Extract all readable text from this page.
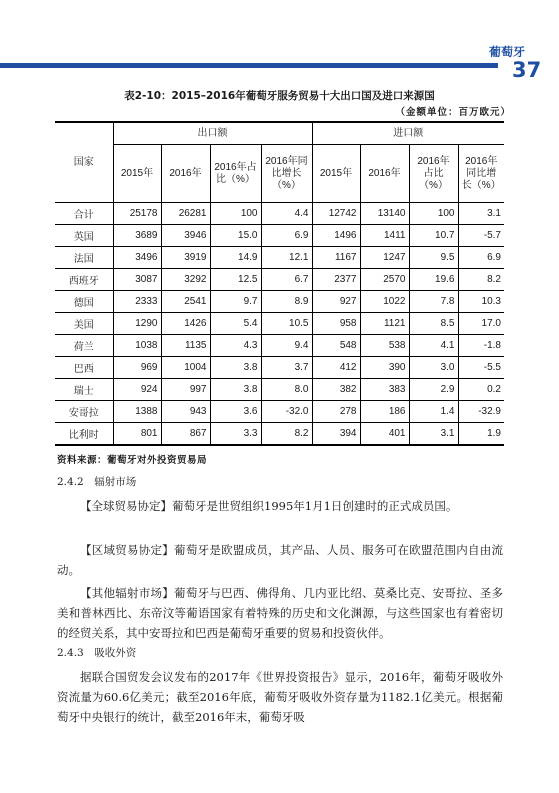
葡萄牙
37
表2-10：2015–2016年葡萄牙服务贸易十大出口国及进口来源国
（金额单位：百万欧元）
国家	出口额				进口额			
	2015年	2016年	2016年占比（%）	2016年同比增长（%）	2015年	2016年	2016年占比（%）	2016年同比增长（%）
合计	25178	26281	100	4.4	12742	13140	100	3.1
英国	3689	3946	15.0	6.9	1496	1411	10.7	-5.7
法国	3496	3919	14.9	12.1	1167	1247	9.5	6.9
西班牙	3087	3292	12.5	6.7	2377	2570	19.6	8.2
德国	2333	2541	9.7	8.9	927	1022	7.8	10.3
美国	1290	1426	5.4	10.5	958	1121	8.5	17.0
荷兰	1038	1135	4.3	9.4	548	538	4.1	-1.8
巴西	969	1004	3.8	3.7	412	390	3.0	-5.5
瑞士	924	997	3.8	8.0	382	383	2.9	0.2
安哥拉	1388	943	3.6	-32.0	278	186	1.4	-32.9
比利时	801	867	3.3	8.2	394	401	3.1	1.9
资料来源：葡萄牙对外投资贸易局
2.4.2　辐射市场
【全球贸易协定】葡萄牙是世贸组织1995年1月1日创建时的正式成员国。
【区域贸易协定】葡萄牙是欧盟成员，其产品、人员、服务可在欧盟范围内自由流动。
【其他辐射市场】葡萄牙与巴西、佛得角、几内亚比绍、莫桑比克、安哥拉、圣多美和普林西比、东帝汶等葡语国家有着特殊的历史和文化渊源，与这些国家也有着密切的经贸关系，其中安哥拉和巴西是葡萄牙重要的贸易和投资伙伴。
2.4.3　吸收外资
据联合国贸发会议发布的2017年《世界投资报告》显示，2016年，葡萄牙吸收外资流量为60.6亿美元；截至2016年底，葡萄牙吸收外资存量为1182.1亿美元。根据葡萄牙中央银行的统计，截至2016年末，葡萄牙吸
